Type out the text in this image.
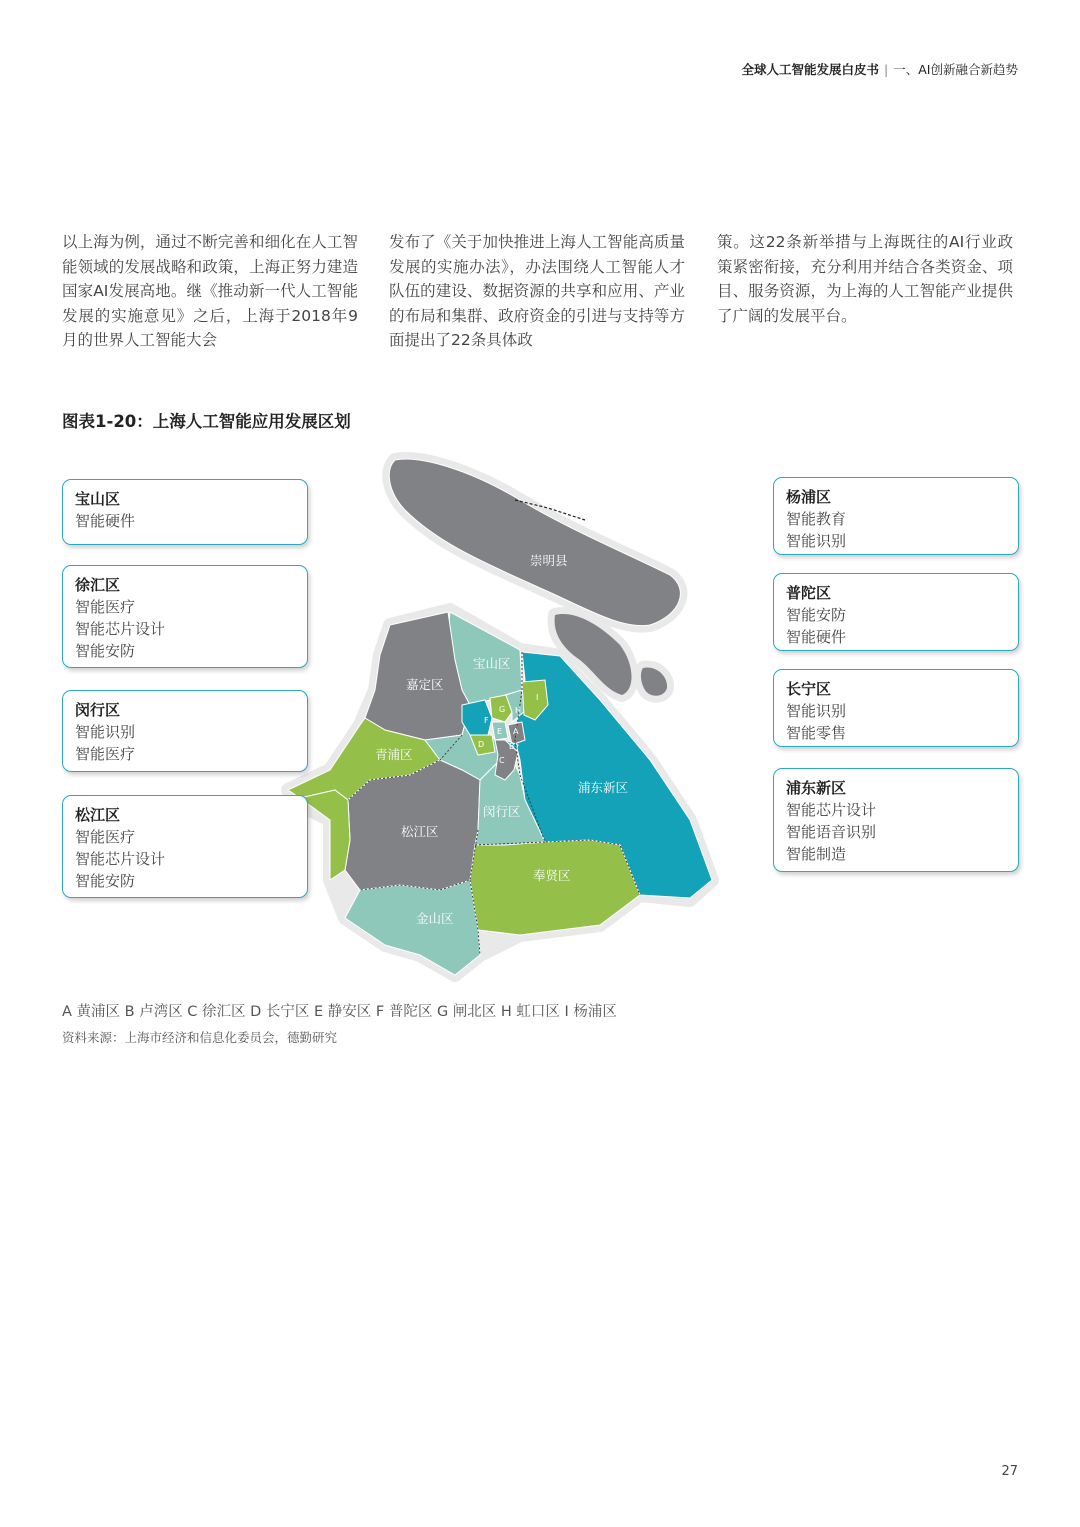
全球人工智能发展白皮书 | 一、AI创新融合新趋势
以上海为例，通过不断完善和细化在人工智能领域的发展战略和政策，上海正努力建造国家AI发展高地。继《推动新一代人工智能发展的实施意见》之后，上海于2018年9月的世界人工智能大会
发布了《关于加快推进上海人工智能高质量发展的实施办法》，办法围绕人工智能人才队伍的建设、数据资源的共享和应用、产业的布局和集群、政府资金的引进与支持等方面提出了22条具体政
策。这22条新举措与上海既往的AI行业政策紧密衔接，充分利用并结合各类资金、项目、服务资源，为上海的人工智能产业提供了广阔的发展平台。
图表1-20：上海人工智能应用发展区划
崇明县
宝山区
嘉定区
青浦区
松江区
闵行区
浦东新区
奉贤区
金山区
A
B
C
D
E
F
G H
I
宝山区
智能硬件
徐汇区
智能医疗
智能芯片设计
智能安防
闵行区
智能识别
智能医疗
松江区
智能医疗
智能芯片设计
智能安防
杨浦区
智能教育
智能识别
普陀区
智能安防
智能硬件
长宁区
智能识别
智能零售
浦东新区
智能芯片设计
智能语音识别
智能制造
A 黄浦区 B 卢湾区 C 徐汇区 D 长宁区 E 静安区 F 普陀区 G 闸北区 H 虹口区 I 杨浦区
资料来源：上海市经济和信息化委员会，德勤研究
27
